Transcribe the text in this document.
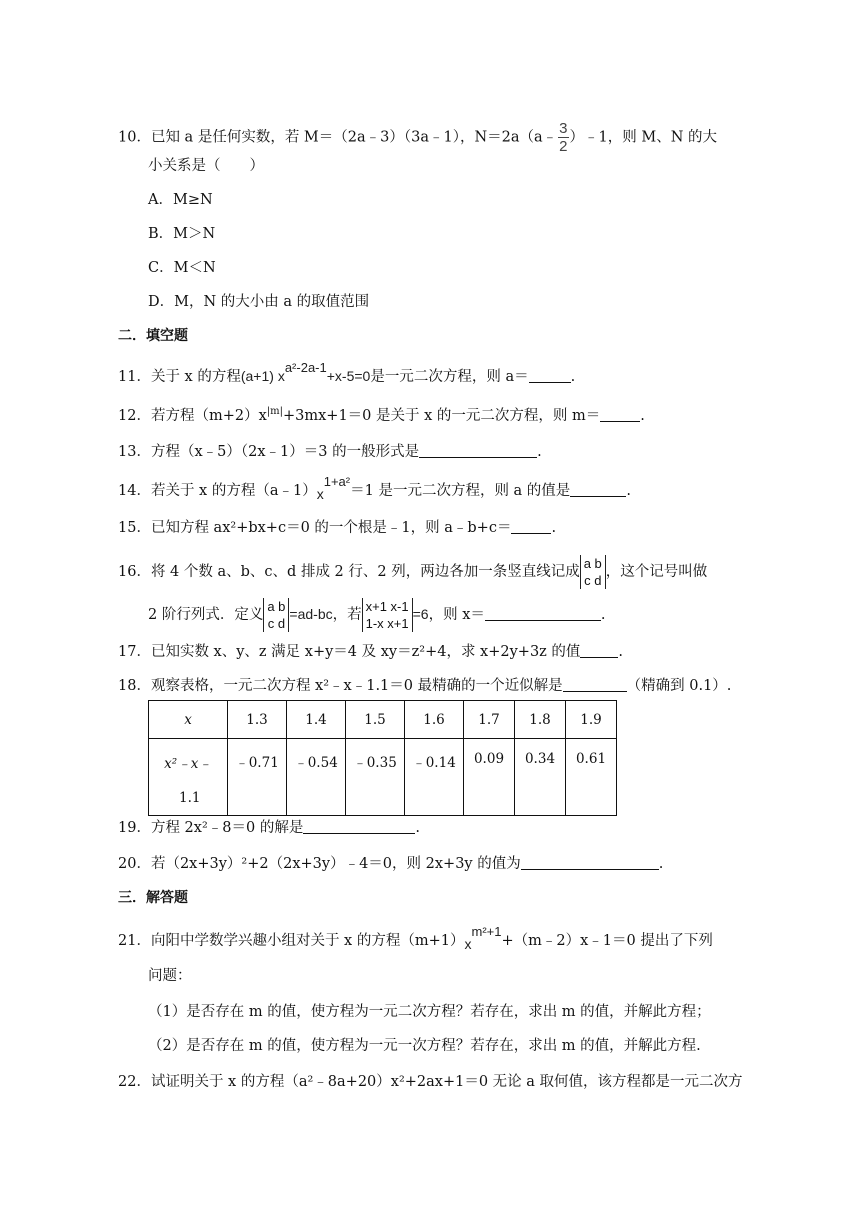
10．已知 a 是任何实数，若 M＝（2a﹣3）（3a﹣1），N＝2a（a﹣ $\frac{3}{2}$ ）﹣1，则 M、N 的大
小关系是（　　）
A．M≥N
B．M＞N
C．M＜N
D．M，N 的大小由 a 的取值范围
二．填空题
11．关于 x 的方程(a+1) xa²-2a-1+x-5=0是一元二次方程，则 a＝	.
12．若方程$(m+2)x^{|m|}+3mx+1=0$ 是关于 x 的一元二次方程，则 m＝	.
13．方程（x﹣5）（2x﹣1）＝3 的一般形式是	.
14．若关于 x 的方程（a﹣1）x1+a²＝1 是一元二次方程，则 a 的值是	.
15．已知方程 ax²+bx+c＝0 的一个根是﹣1，则 a﹣b+c＝	.
16．将 4 个数 a、b、c、d 排成 2 行、2 列，两边各加一条竖直线记成
a b
c d
，这个记号叫做
2 阶行列式．定义
a b
c d
=ad-bc，若
x+1 x-1
1-x x+1
=6，则 x＝	.
17．已知实数 x、y、z 满足 x+y＝4 及 xy＝z²+4，求 x+2y+3z 的值	.
18．观察表格，一元二次方程 x²﹣x﹣1.1＝0 最精确的一个近似解是	（精确到 0.1）.
x	1.3	1.4	1.5	1.6	1.7	1.8	1.9

x²﹣x﹣
1.1	﹣0.71	﹣0.54	﹣0.35	﹣0.14	0.09	0.34	0.61
19．方程 2x²﹣8＝0 的解是	.
20．若（2x+3y）²+2（2x+3y）﹣4＝0，则 2x+3y 的值为	.
三．解答题
21．向阳中学数学兴趣小组对关于 x 的方程（m+1）xm²+1+（m﹣2）x﹣1＝0 提出了下列
问题：
（1）是否存在 m 的值，使方程为一元二次方程？若存在，求出 m 的值，并解此方程；
（2）是否存在 m 的值，使方程为一元一次方程？若存在，求出 m 的值，并解此方程.
22．试证明关于 x 的方程（a²﹣8a+20）x²+2ax+1＝0 无论 a 取何值，该方程都是一元二次方
